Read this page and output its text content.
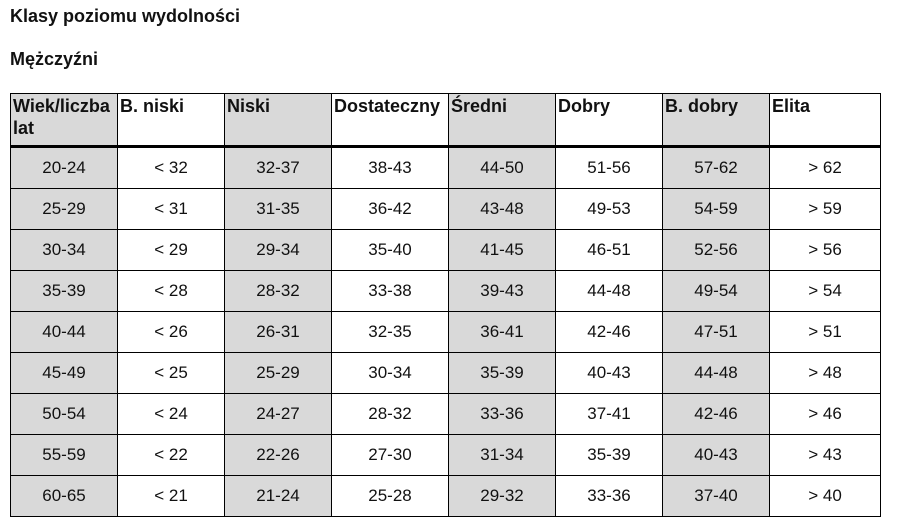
Klasy poziomu wydolności
Mężczyźni
Wiek/liczba lat	B. niski	Niski	Dostateczny	Średni	Dobry	B. dobry	Elita
20-24	< 32	32-37	38-43	44-50	51-56	57-62	> 62
25-29	< 31	31-35	36-42	43-48	49-53	54-59	> 59
30-34	< 29	29-34	35-40	41-45	46-51	52-56	> 56
35-39	< 28	28-32	33-38	39-43	44-48	49-54	> 54
40-44	< 26	26-31	32-35	36-41	42-46	47-51	> 51
45-49	< 25	25-29	30-34	35-39	40-43	44-48	> 48
50-54	< 24	24-27	28-32	33-36	37-41	42-46	> 46
55-59	< 22	22-26	27-30	31-34	35-39	40-43	> 43
60-65	< 21	21-24	25-28	29-32	33-36	37-40	> 40
